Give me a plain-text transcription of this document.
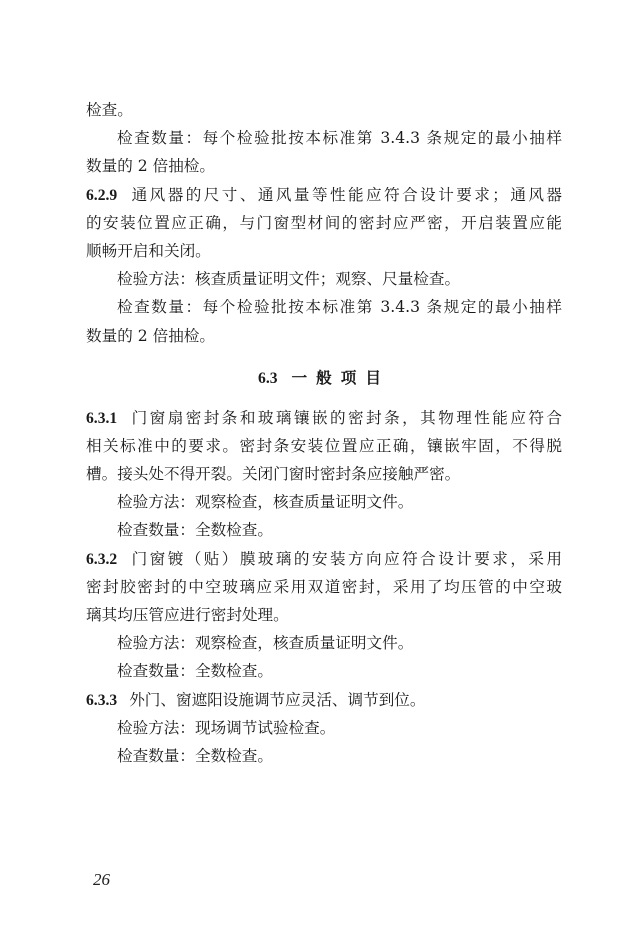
检查。
检查数量：每个检验批按本标准第 3.4.3 条规定的最小抽样
数量的 2 倍抽检。
6.2.9 通风器的尺寸、通风量等性能应符合设计要求；通风器
的安装位置应正确，与门窗型材间的密封应严密，开启装置应能
顺畅开启和关闭。
检验方法：核查质量证明文件；观察、尺量检查。
检查数量：每个检验批按本标准第 3.4.3 条规定的最小抽样
数量的 2 倍抽检。
6.3 一般项目
6.3.1 门窗扇密封条和玻璃镶嵌的密封条，其物理性能应符合
相关标准中的要求。密封条安装位置应正确，镶嵌牢固，不得脱
槽。接头处不得开裂。关闭门窗时密封条应接触严密。
检验方法：观察检查，核查质量证明文件。
检查数量：全数检查。
6.3.2 门窗镀（贴）膜玻璃的安装方向应符合设计要求，采用
密封胶密封的中空玻璃应采用双道密封，采用了均压管的中空玻
璃其均压管应进行密封处理。
检验方法：观察检查，核查质量证明文件。
检查数量：全数检查。
6.3.3 外门、窗遮阳设施调节应灵活、调节到位。
检验方法：现场调节试验检查。
检查数量：全数检查。
26
